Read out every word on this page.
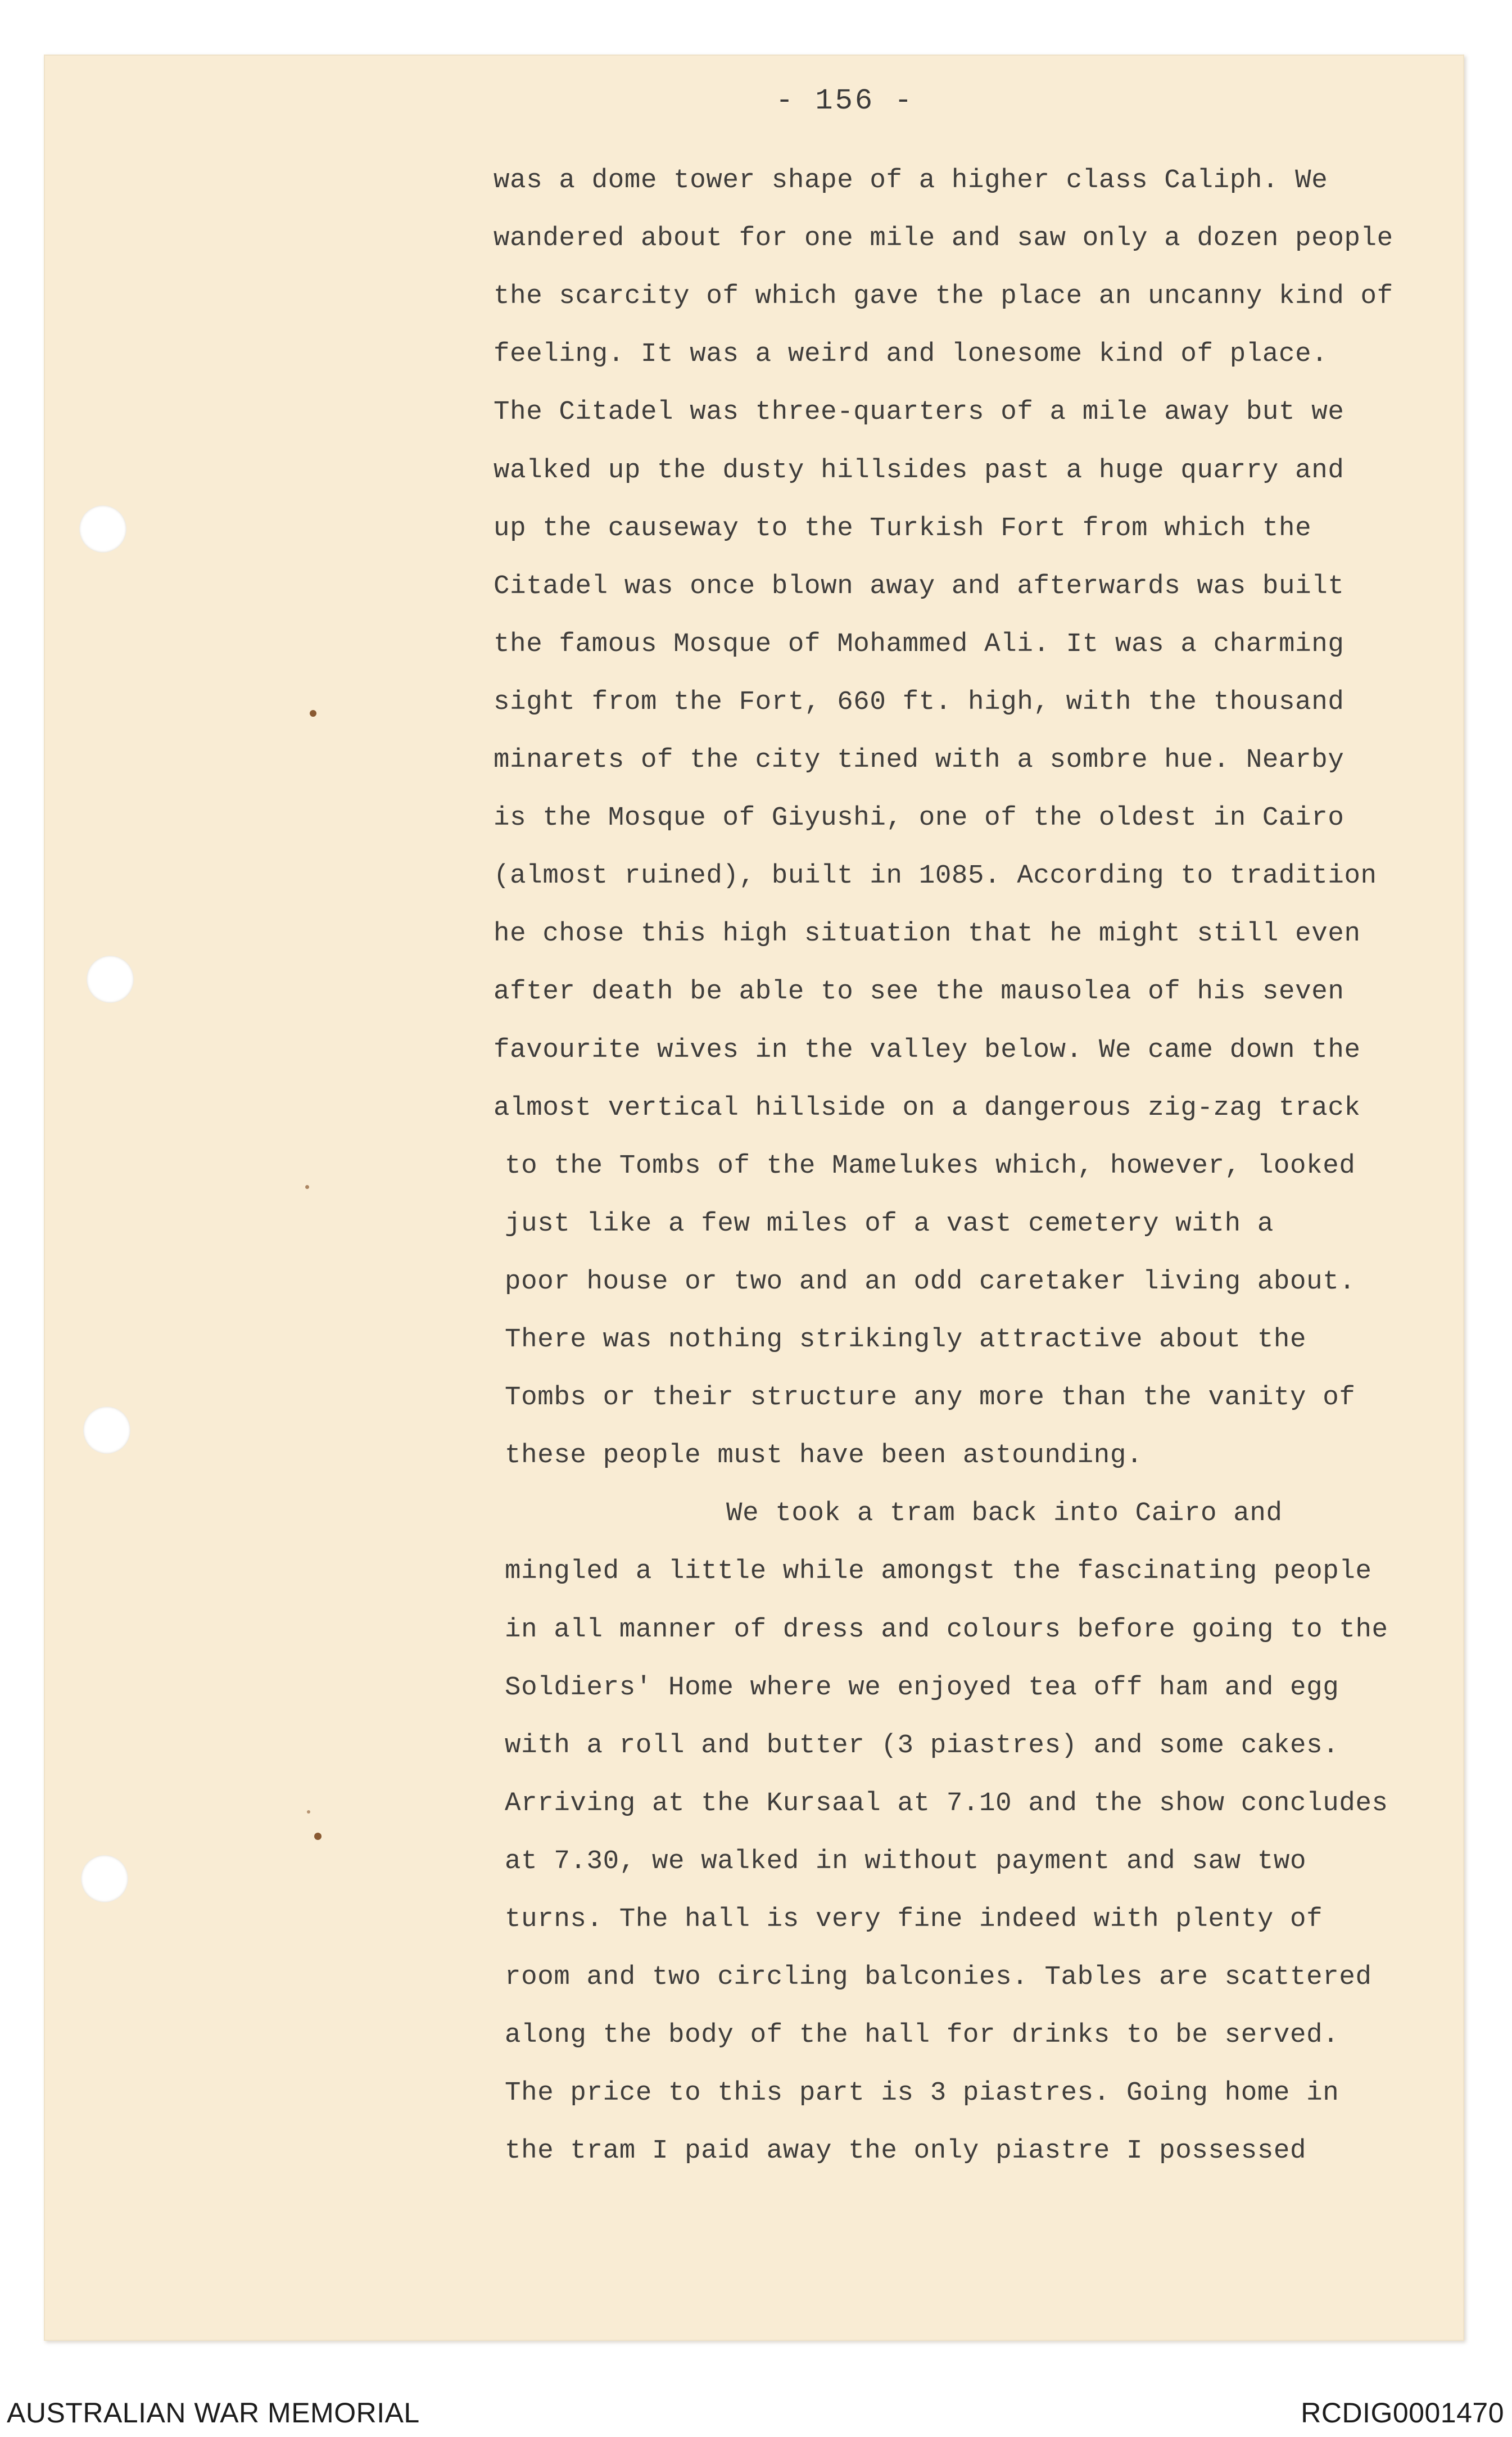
- 156 -
was a dome tower shape of a higher class Caliph. We
wandered about for one mile and saw only a dozen people
the scarcity of which gave the place an uncanny kind of
feeling. It was a weird and lonesome kind of place.
The Citadel was three-quarters of a mile away but we
walked up the dusty hillsides past a huge quarry and
up the causeway to the Turkish Fort from which the
Citadel was once blown away and afterwards was built
the famous Mosque of Mohammed Ali. It was a charming
sight from the Fort, 660 ft. high, with the thousand
minarets of the city tined with a sombre hue. Nearby
is the Mosque of Giyushi, one of the oldest in Cairo
(almost ruined), built in 1085. According to tradition
he chose this high situation that he might still even
after death be able to see the mausolea of his seven
favourite wives in the valley below. We came down the
almost vertical hillside on a dangerous zig-zag track
to the Tombs of the Mamelukes which, however, looked
just like a few miles of a vast cemetery with a
poor house or two and an odd caretaker living about.
There was nothing strikingly attractive about the
Tombs or their structure any more than the vanity of
these people must have been astounding.
We took a tram back into Cairo and
mingled a little while amongst the fascinating people
in all manner of dress and colours before going to the
Soldiers' Home where we enjoyed tea off ham and egg
with a roll and butter (3 piastres) and some cakes.
Arriving at the Kursaal at 7.10 and the show concludes
at 7.30, we walked in without payment and saw two
turns. The hall is very fine indeed with plenty of
room and two circling balconies. Tables are scattered
along the body of the hall for drinks to be served.
The price to this part is 3 piastres. Going home in
the tram I paid away the only piastre I possessed
AUSTRALIAN WAR MEMORIAL	RCDIG0001470
